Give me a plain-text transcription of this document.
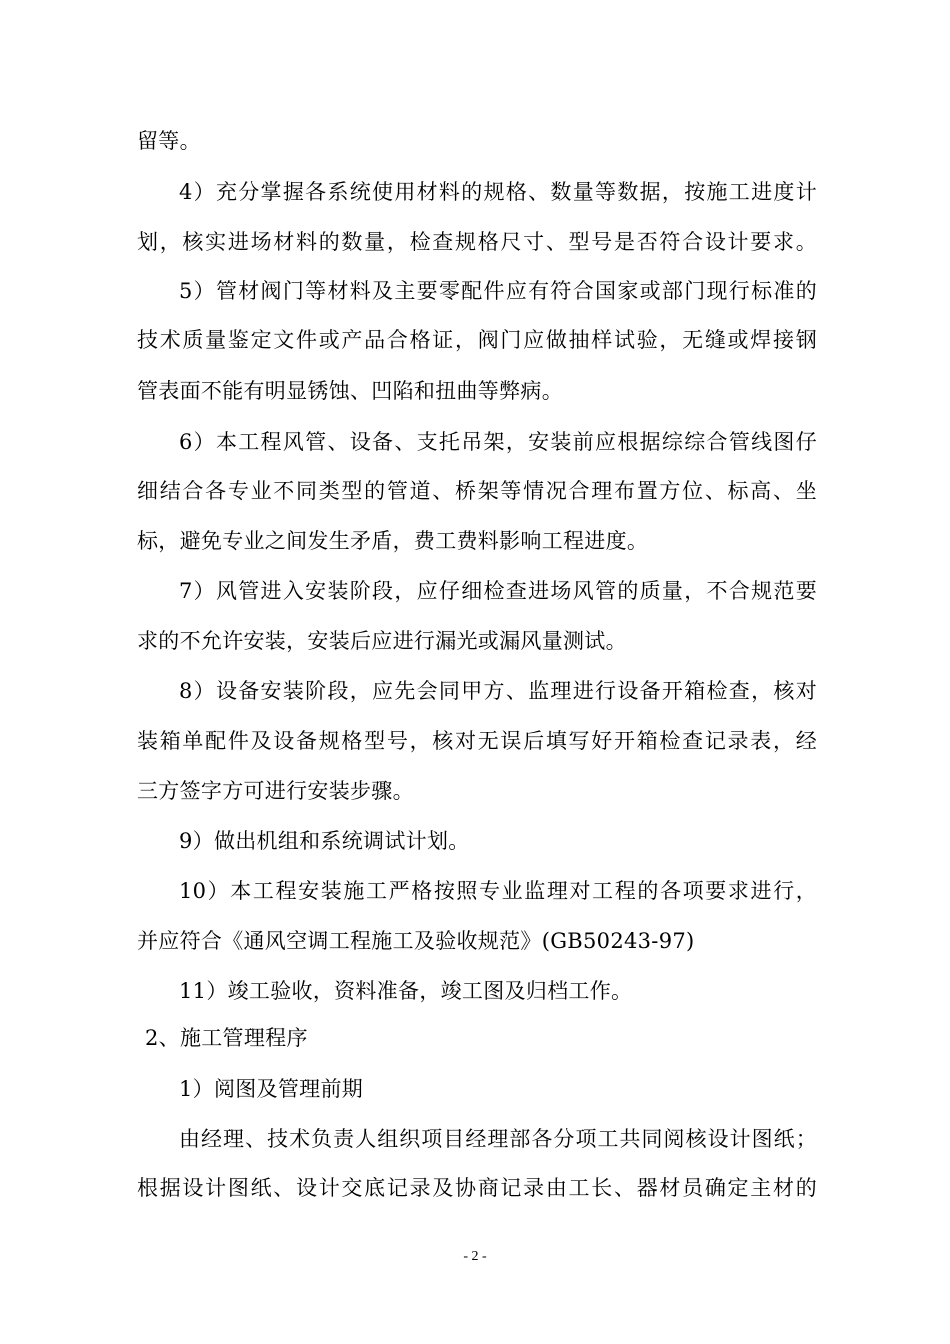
留等。
4）充分掌握各系统使用材料的规格、数量等数据，按施工进度计
划，核实进场材料的数量，检查规格尺寸、型号是否符合设计要求。
5）管材阀门等材料及主要零配件应有符合国家或部门现行标准的
技术质量鉴定文件或产品合格证，阀门应做抽样试验，无缝或焊接钢
管表面不能有明显锈蚀、凹陷和扭曲等弊病。
6）本工程风管、设备、支托吊架，安装前应根据综综合管线图仔
细结合各专业不同类型的管道、桥架等情况合理布置方位、标高、坐
标，避免专业之间发生矛盾，费工费料影响工程进度。
7）风管进入安装阶段，应仔细检查进场风管的质量，不合规范要
求的不允许安装，安装后应进行漏光或漏风量测试。
8）设备安装阶段，应先会同甲方、监理进行设备开箱检查，核对
装箱单配件及设备规格型号，核对无误后填写好开箱检查记录表，经
三方签字方可进行安装步骤。
9）做出机组和系统调试计划。
10）本工程安装施工严格按照专业监理对工程的各项要求进行，
并应符合《通风空调工程施工及验收规范》(GB50243-97)
11）竣工验收，资料准备，竣工图及归档工作。
2、施工管理程序
1）阅图及管理前期
由经理、技术负责人组织项目经理部各分项工共同阅核设计图纸；
根据设计图纸、设计交底记录及协商记录由工长、器材员确定主材的
- 2 -
